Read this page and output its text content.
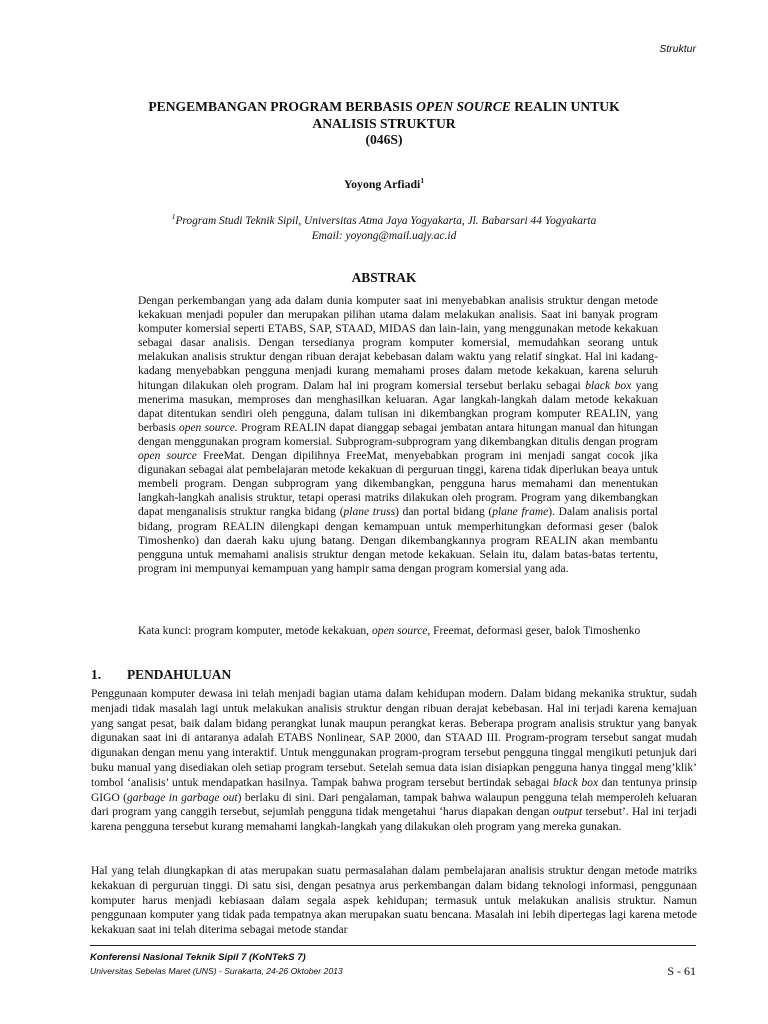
Struktur
PENGEMBANGAN PROGRAM BERBASIS OPEN SOURCE REALIN UNTUK
ANALISIS STRUKTUR
(046S)
Yoyong Arfiadi$^1$
$^1$Program Studi Teknik Sipil, Universitas Atma Jaya Yogyakarta, Jl. Babarsari 44 Yogyakarta
Email: yoyong@mail.uajy.ac.id
ABSTRAK

Dengan perkembangan yang ada dalam dunia komputer saat ini menyebabkan analisis struktur dengan metode kekakuan menjadi populer dan merupakan pilihan utama dalam melakukan analisis. Saat ini banyak program komputer komersial seperti ETABS, SAP, STAAD, MIDAS dan lain-lain, yang menggunakan metode kekakuan sebagai dasar analisis. Dengan tersedianya program komputer komersial, memudahkan seorang untuk melakukan analisis struktur dengan ribuan derajat kebebasan dalam waktu yang relatif singkat. Hal ini kadang-kadang menyebabkan pengguna menjadi kurang memahami proses dalam metode kekakuan, karena seluruh hitungan dilakukan oleh program. Dalam hal ini program komersial tersebut berlaku sebagai black box yang menerima masukan, memproses dan menghasilkan keluaran. Agar langkah-langkah dalam metode kekakuan dapat ditentukan sendiri oleh pengguna, dalam tulisan ini dikembangkan program komputer REALIN, yang berbasis open source. Program REALIN dapat dianggap sebagai jembatan antara hitungan manual dan hitungan dengan menggunakan program komersial. Subprogram-subprogram yang dikembangkan ditulis dengan program open source FreeMat. Dengan dipilihnya FreeMat, menyebabkan program ini menjadi sangat cocok jika digunakan sebagai alat pembelajaran metode kekakuan di perguruan tinggi, karena tidak diperlukan beaya untuk membeli program. Dengan subprogram yang dikembangkan, pengguna harus memahami dan menentukan langkah-langkah analisis struktur, tetapi operasi matriks dilakukan oleh program. Program yang dikembangkan dapat menganalisis struktur rangka bidang (plane truss) dan portal bidang (plane frame). Dalam analisis portal bidang, program REALIN dilengkapi dengan kemampuan untuk memperhitungkan deformasi geser (balok Timoshenko) dan daerah kaku ujung batang. Dengan dikembangkannya program REALIN akan membantu pengguna untuk memahami analisis struktur dengan metode kekakuan. Selain itu, dalam batas-batas tertentu, program ini mempunyai kemampuan yang hampir sama dengan program komersial yang ada.

Kata kunci: program komputer, metode kekakuan, open source, Freemat, deformasi geser, balok Timoshenko
1. PENDAHULUAN
Penggunaan komputer dewasa ini telah menjadi bagian utama dalam kehidupan modern. Dalam bidang mekanika struktur, sudah menjadi tidak masalah lagi untuk melakukan analisis struktur dengan ribuan derajat kebebasan. Hal ini terjadi karena kemajuan yang sangat pesat, baik dalam bidang perangkat lunak maupun perangkat keras. Beberapa program analisis struktur yang banyak digunakan saat ini di antaranya adalah ETABS Nonlinear, SAP 2000, dan STAAD III. Program-program tersebut sangat mudah digunakan dengan menu yang interaktif. Untuk menggunakan program-program tersebut pengguna tinggal mengikuti petunjuk dari buku manual yang disediakan oleh setiap program tersebut. Setelah semua data isian disiapkan pengguna hanya tinggal meng’klik’ tombol ‘analisis’ untuk mendapatkan hasilnya. Tampak bahwa program tersebut bertindak sebagai black box dan tentunya prinsip GIGO (garbage in garbage out) berlaku di sini. Dari pengalaman, tampak bahwa walaupun pengguna telah memperoleh keluaran dari program yang canggih tersebut, sejumlah pengguna tidak mengetahui ‘harus diapakan dengan output tersebut’. Hal ini terjadi karena pengguna tersebut kurang memahami langkah-langkah yang dilakukan oleh program yang mereka gunakan.
Hal yang telah diungkapkan di atas merupakan suatu permasalahan dalam pembelajaran analisis struktur dengan metode matriks kekakuan di perguruan tinggi. Di satu sisi, dengan pesatnya arus perkembangan dalam bidang teknologi informasi, penggunaan komputer harus menjadi kebiasaan dalam segala aspek kehidupan; termasuk untuk melakukan analisis struktur. Namun penggunaan komputer yang tidak pada tempatnya akan merupakan suatu bencana. Masalah ini lebih dipertegas lagi karena metode kekakuan saat ini telah diterima sebagai metode standar
Konferensi Nasional Teknik Sipil 7 (KoNTekS 7)
Universitas Sebelas Maret (UNS) - Surakarta, 24-26 Oktober 2013	S - 61
